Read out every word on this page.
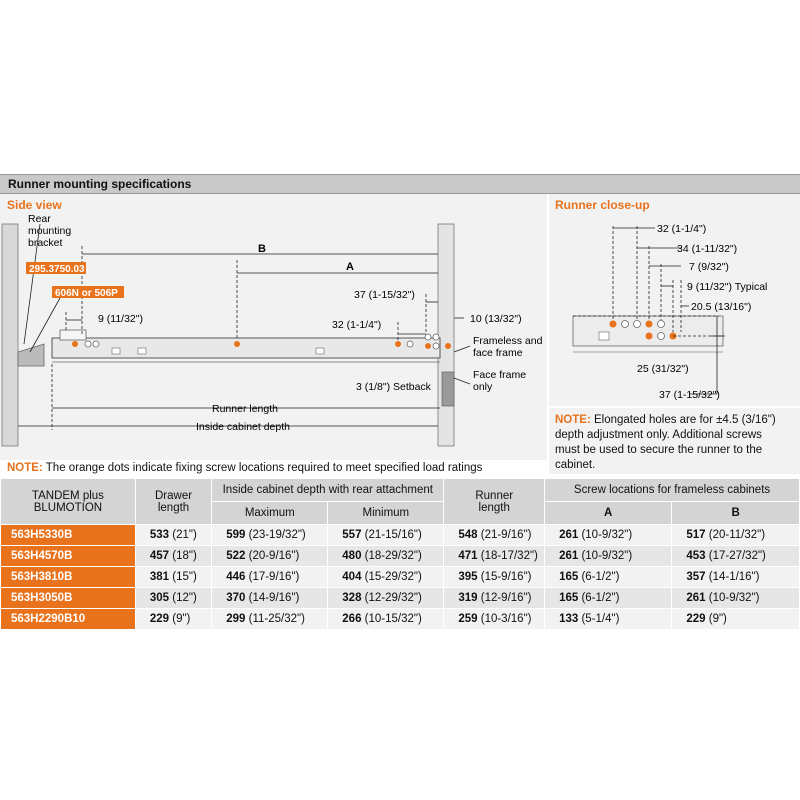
Runner mounting specifications
Side view
Rear
mounting
bracket
295.3750.03
606N or 506P
B
A
37 (1-15/32")
10 (13/32")
9 (11/32")	32 (1-1/4")
Frameless and
face frame
Face frame
only
3 (1/8") Setback
Runner length
Inside cabinet depth
Runner close-up
32 (1-1/4")
34 (1-11/32")
7 (9/32")
9 (11/32") Typical
20.5 (13/16")
25 (31/32")
37 (1-15/32")
NOTE: Elongated holes are for ±4.5 (3/16")
depth adjustment only. Additional screws
must be used to secure the runner to the
cabinet.
NOTE: The orange dots indicate fixing screw locations required to meet specified load ratings
TANDEM plus
BLUMOTION	Drawer
length	Inside cabinet depth with rear attachment		Runner
length	Screw locations for frameless cabinets	
		Maximum	Minimum		A	B
563H5330B	533 (21")	599 (23-19/32")	557 (21-15/16")	548 (21-9/16")	261 (10-9/32")	517 (20-11/32")
563H4570B	457 (18")	522 (20-9/16")	480 (18-29/32")	471 (18-17/32")	261 (10-9/32")	453 (17-27/32")
563H3810B	381 (15")	446 (17-9/16")	404 (15-29/32")	395 (15-9/16")	165 (6-1/2")	357 (14-1/16")
563H3050B	305 (12")	370 (14-9/16")	328 (12-29/32")	319 (12-9/16")	165 (6-1/2")	261 (10-9/32")
563H2290B10	229 (9")	299 (11-25/32")	266 (10-15/32")	259 (10-3/16")	133 (5-1/4")	229 (9")
